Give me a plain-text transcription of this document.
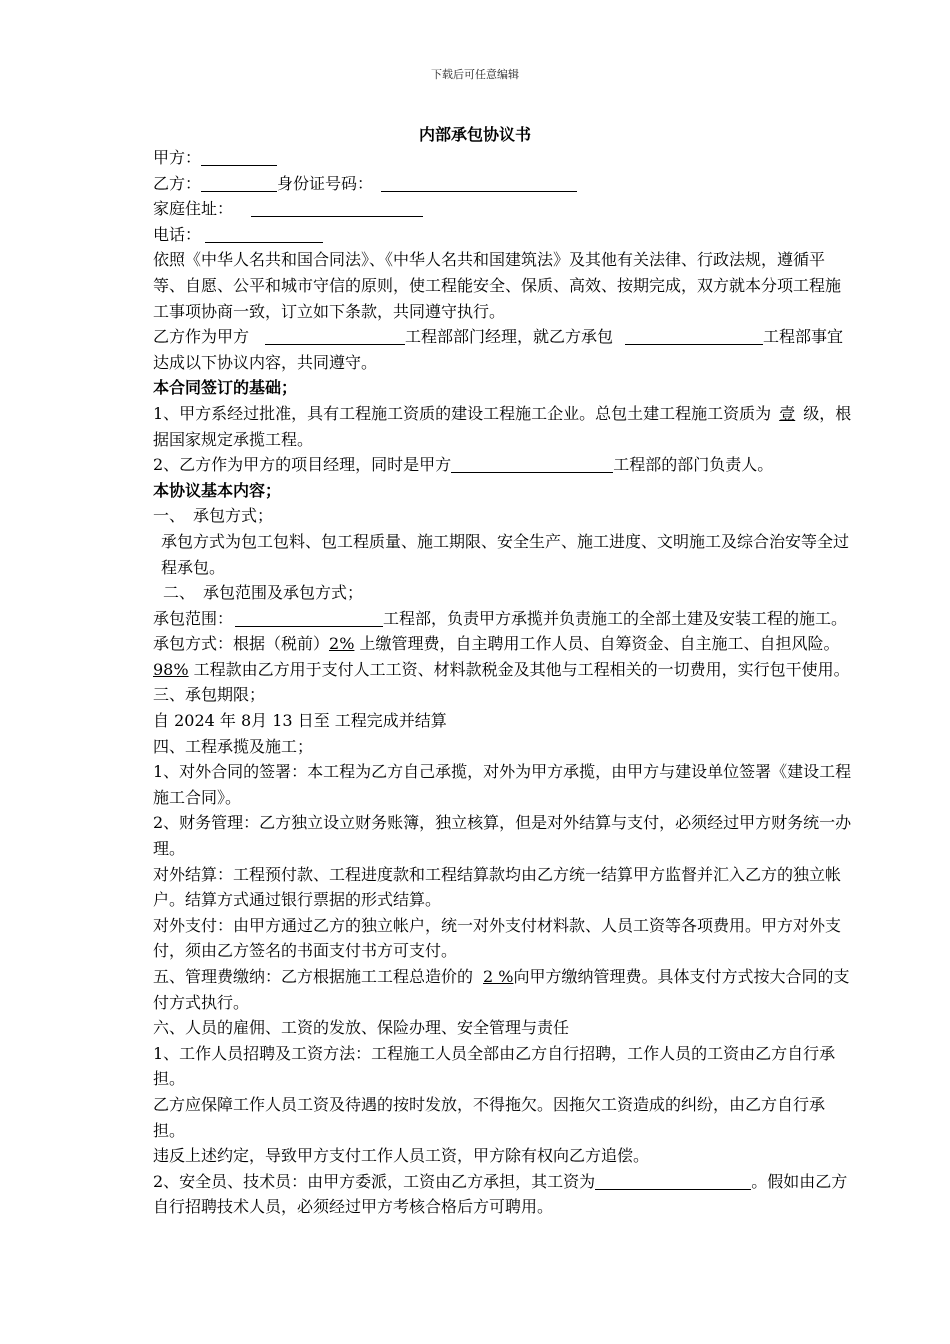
下载后可任意编辑
内部承包协议书

甲方：

乙方：	身份证号码：

家庭住址：

电话：

依照《中华人名共和国合同法》、《中华人名共和国建筑法》及其他有关法律、行政法规，遵循平等、自愿、公平和城市守信的原则，使工程能安全、保质、高效、按期完成，双方就本分项工程施工事项协商一致，订立如下条款，共同遵守执行。

乙方作为甲方	工程部部门经理，就乙方承包	工程部事宜达成以下协议内容，共同遵守。

本合同签订的基础；

1、甲方系经过批准，具有工程施工资质的建设工程施工企业。总包土建工程施工资质为 壹 级，根据国家规定承揽工程。

2、乙方作为甲方的项目经理，同时是甲方	工程部的部门负责人。

本协议基本内容；

一、　承包方式；

承包方式为包工包料、包工程质量、施工期限、安全生产、施工进度、文明施工及综合治安等全过程承包。

二、　承包范围及承包方式；

承包范围：	工程部，负责甲方承揽并负责施工的全部土建及安装工程的施工。

承包方式：根据（税前）2% 上缴管理费，自主聘用工作人员、自筹资金、自主施工、自担风险。98% 工程款由乙方用于支付人工工资、材料款税金及其他与工程相关的一切费用，实行包干使用。

三、承包期限；

自 2024 年 8月 13 日至 工程完成并结算

四、工程承揽及施工；

1、对外合同的签署：本工程为乙方自己承揽，对外为甲方承揽，由甲方与建设单位签署《建设工程施工合同》。

2、财务管理：乙方独立设立财务账簿，独立核算，但是对外结算与支付，必须经过甲方财务统一办理。

对外结算：工程预付款、工程进度款和工程结算款均由乙方统一结算甲方监督并汇入乙方的独立帐户。结算方式通过银行票据的形式结算。

对外支付：由甲方通过乙方的独立帐户，统一对外支付材料款、人员工资等各项费用。甲方对外支付，须由乙方签名的书面支付书方可支付。

五、管理费缴纳：乙方根据施工工程总造价的 2 %向甲方缴纳管理费。具体支付方式按大合同的支付方式执行。

六、人员的雇佣、工资的发放、保险办理、安全管理与责任

1、工作人员招聘及工资方法：工程施工人员全部由乙方自行招聘，工作人员的工资由乙方自行承担。

乙方应保障工作人员工资及待遇的按时发放，不得拖欠。因拖欠工资造成的纠纷，由乙方自行承担。

违反上述约定，导致甲方支付工作人员工资，甲方除有权向乙方追偿。

2、安全员、技术员：由甲方委派，工资由乙方承担，其工资为	。假如由乙方自行招聘技术人员，必须经过甲方考核合格后方可聘用。
